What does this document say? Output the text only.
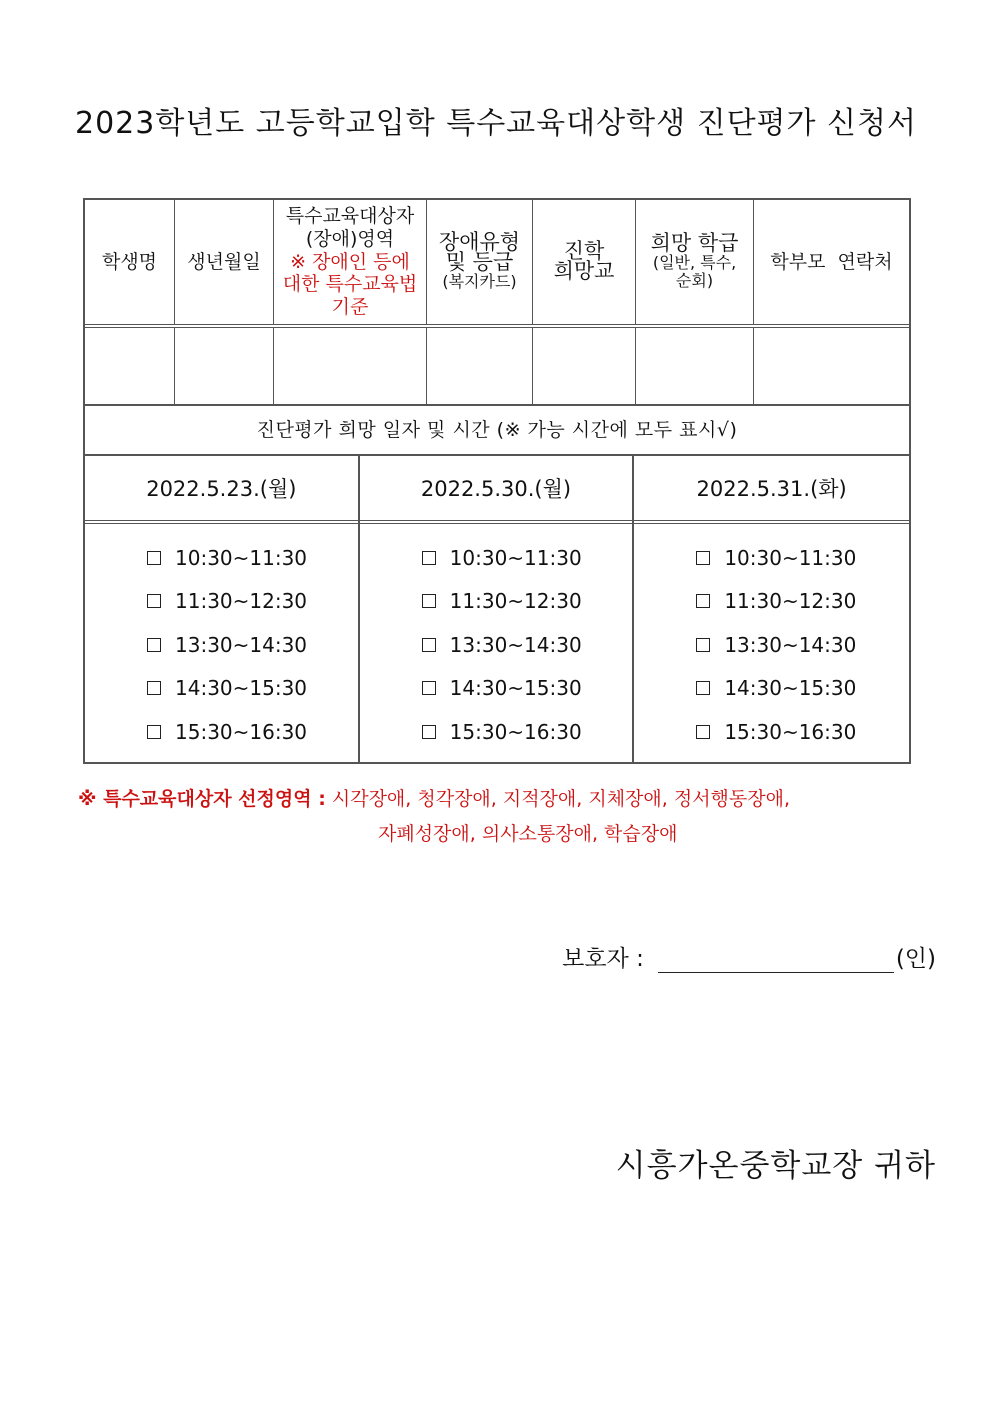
2023학년도 고등학교입학 특수교육대상학생 진단평가 신청서
학생명	생년월일
특수교육대상자
(장애)영역
※ 장애인 등에
대한 특수교육법
기준
장애유형
및 등급
(복지카드)
진학
희망교
희망 학급
(일반, 특수,
순회)
학부모  연락처
진단평가 희망 일자 및 시간 (※ 가능 시간에 모두 표시√)
2022.5.23.(월)
10:30~11:30
11:30~12:30
13:30~14:30
14:30~15:30
15:30~16:30
2022.5.30.(월)
10:30~11:30
11:30~12:30
13:30~14:30
14:30~15:30
15:30~16:30
2022.5.31.(화)
10:30~11:30
11:30~12:30
13:30~14:30
14:30~15:30
15:30~16:30
※ 특수교육대상자 선정영역 : 시각장애, 청각장애, 지적장애, 지체장애, 정서행동장애,
자폐성장애, 의사소통장애, 학습장애
보호자 :	(인)
시흥가온중학교장 귀하
